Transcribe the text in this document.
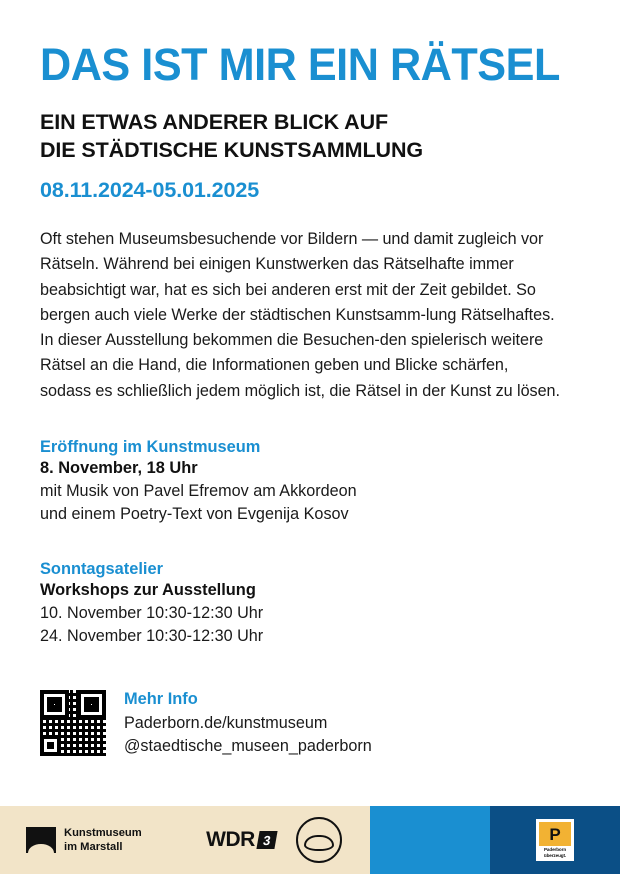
DAS IST MIR EIN RÄTSEL
EIN ETWAS ANDERER BLICK AUF
DIE STÄDTISCHE KUNSTSAMMLUNG
08.11.2024-05.01.2025

Oft stehen Museumsbesuchende vor Bildern — und damit zugleich vor Rätseln. Während bei einigen Kunstwerken das Rätselhafte immer beabsichtigt war, hat es sich bei anderen erst mit der Zeit gebildet. So bergen auch viele Werke der städtischen Kunstsamm-lung Rätselhaftes. In dieser Ausstellung bekommen die Besuchen-den spielerisch weitere Rätsel an die Hand, die Informationen geben und Blicke schärfen, sodass es schließlich jedem möglich ist, die Rätsel in der Kunst zu lösen.

Eröffnung im Kunstmuseum
8. November, 18 Uhr
mit Musik von Pavel Efremov am Akkordeon
und einem Poetry-Text von Evgenija Kosov
Sonntagsatelier
Workshops zur Ausstellung
10. November 10:30-12:30 Uhr
24. November 10:30-12:30 Uhr
Mehr Info
Paderborn.de/kunstmuseum
@staedtische_museen_paderborn
Kunstmuseum
im Marstall	WDR 3	P
Paderborn
überzeugt.
